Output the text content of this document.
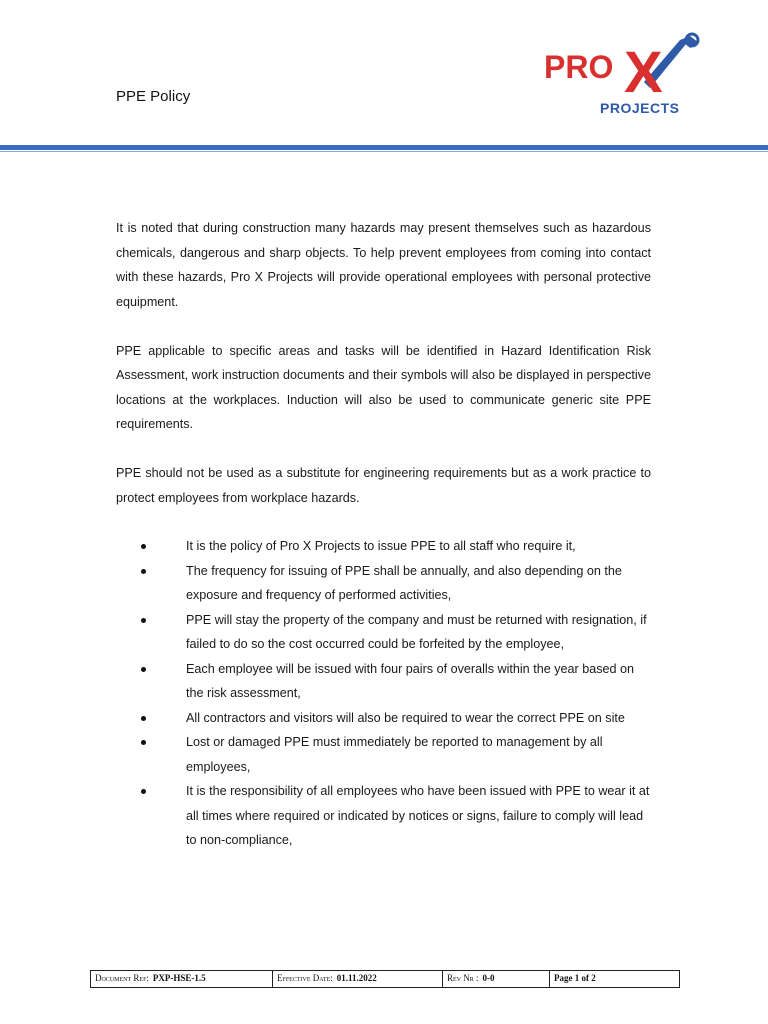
PPE Policy
PRO X
PROJECTS

It is noted that during construction many hazards may present themselves such as hazardous chemicals, dangerous and sharp objects. To help prevent employees from coming into contact with these hazards, Pro X Projects will provide operational employees with personal protective equipment.

PPE applicable to specific areas and tasks will be identified in Hazard Identification Risk Assessment, work instruction documents and their symbols will also be displayed in perspective locations at the workplaces. Induction will also be used to communicate generic site PPE requirements.

PPE should not be used as a substitute for engineering requirements but as a work practice to protect employees from workplace hazards.

It is the policy of Pro X Projects to issue PPE to all staff who require it,
The frequency for issuing of PPE shall be annually, and also depending on the exposure and frequency of performed activities,
PPE will stay the property of the company and must be returned with resignation, if failed to do so the cost occurred could be forfeited by the employee,
Each employee will be issued with four pairs of overalls within the year based on the risk assessment,
All contractors and visitors will also be required to wear the correct PPE on site
Lost or damaged PPE must immediately be reported to management by all employees,
It is the responsibility of all employees who have been issued with PPE to wear it at all times where required or indicated by notices or signs, failure to comply will lead to non-compliance,
Document Ref: PXP-HSE-1.5	Effective Date: 01.11.2022	Rev Nr : 0-0	Page 1 of 2
